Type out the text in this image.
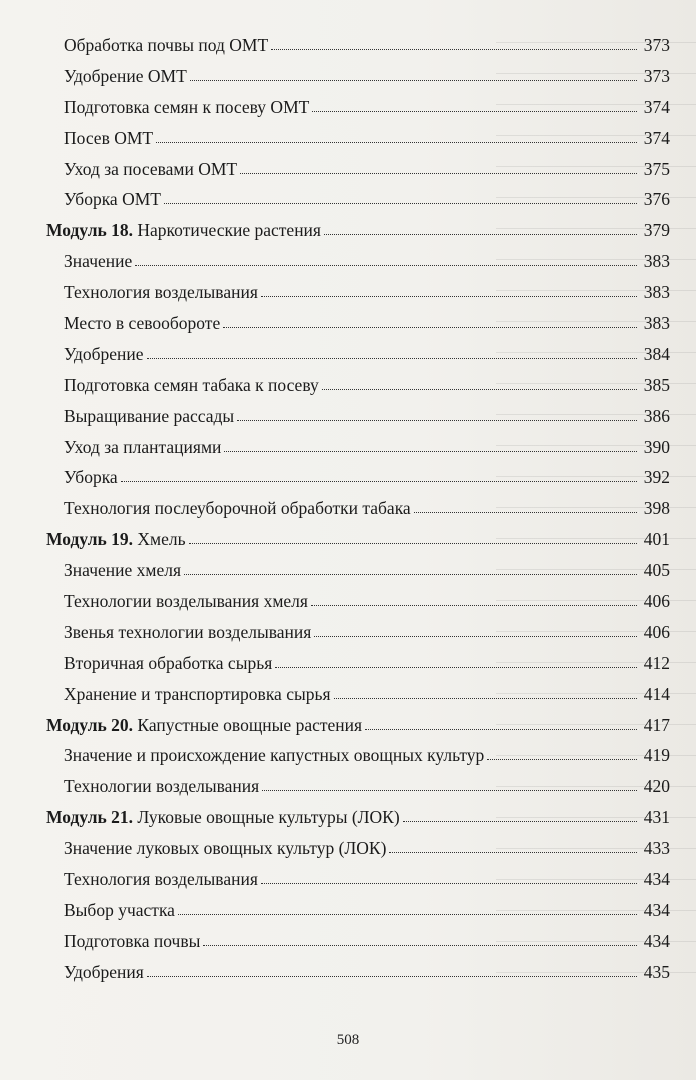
Обработка почвы под ОМТ	373
Удобрение ОМТ	373
Подготовка семян к посеву ОМТ	374
Посев ОМТ	374
Уход за посевами ОМТ	375
Уборка ОМТ	376
Модуль 18. Наркотические растения	379
Значение	383
Технология возделывания	383
Место в севообороте	383
Удобрение	384
Подготовка семян табака к посеву	385
Выращивание рассады	386
Уход за плантациями	390
Уборка	392
Технология послеуборочной обработки табака	398
Модуль 19. Хмель	401
Значение хмеля	405
Технологии возделывания хмеля	406
Звенья технологии возделывания	406
Вторичная обработка сырья	412
Хранение и транспортировка сырья	414
Модуль 20. Капустные овощные растения	417
Значение и происхождение капустных овощных культур	419
Технологии возделывания	420
Модуль 21. Луковые овощные культуры (ЛОК)	431
Значение луковых овощных культур (ЛОК)	433
Технология возделывания	434
Выбор участка	434
Подготовка почвы	434
Удобрения	435
508
